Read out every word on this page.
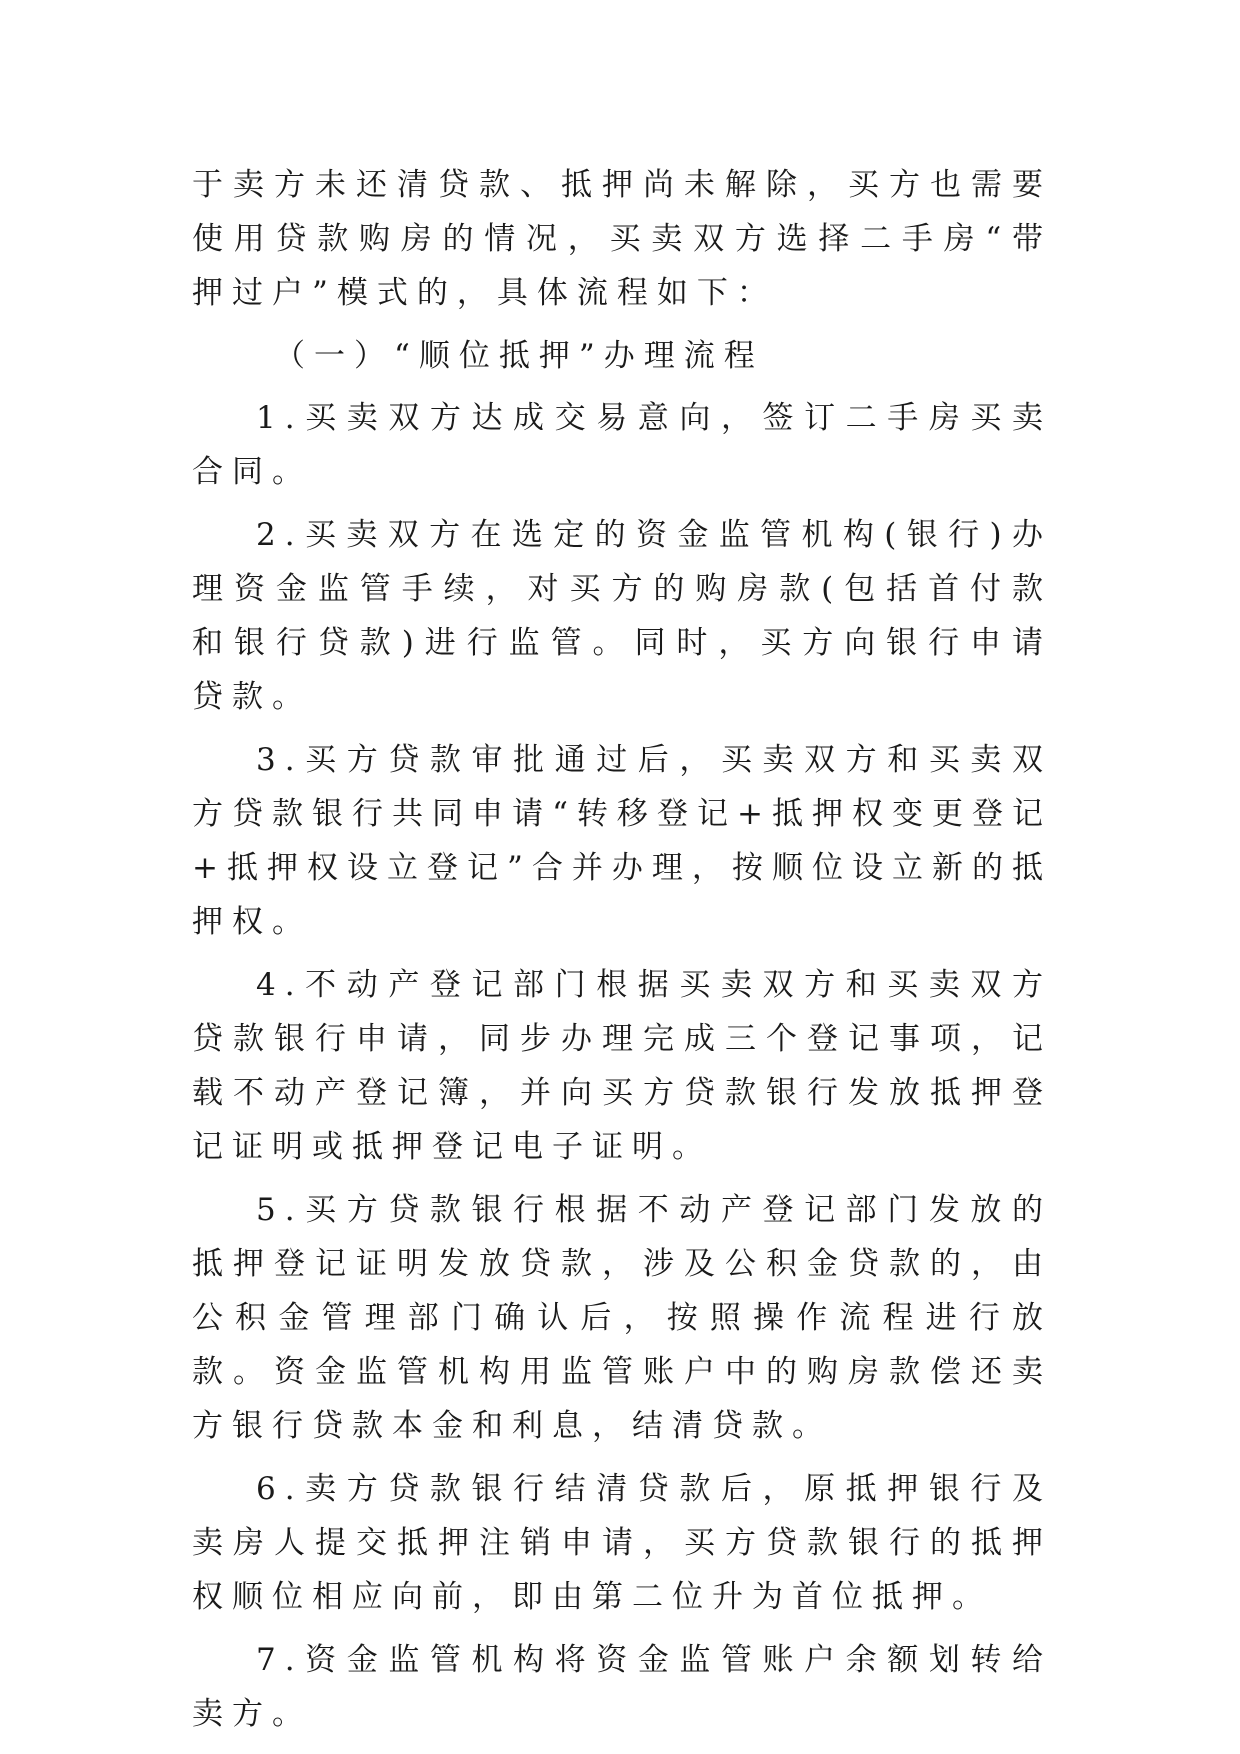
于卖方未还清贷款、抵押尚未解除，买方也需要使用贷款购房的情况，买卖双方选择二手房“带押过户”模式的，具体流程如下：

（一）“顺位抵押”办理流程

1.买卖双方达成交易意向，签订二手房买卖合同。

2.买卖双方在选定的资金监管机构(银行)办理资金监管手续，对买方的购房款(包括首付款和银行贷款)进行监管。同时，买方向银行申请贷款。

3.买方贷款审批通过后，买卖双方和买卖双方贷款银行共同申请“转移登记+抵押权变更登记+抵押权设立登记”合并办理，按顺位设立新的抵押权。

4.不动产登记部门根据买卖双方和买卖双方贷款银行申请，同步办理完成三个登记事项，记载不动产登记簿，并向买方贷款银行发放抵押登记证明或抵押登记电子证明。

5.买方贷款银行根据不动产登记部门发放的抵押登记证明发放贷款，涉及公积金贷款的，由公积金管理部门确认后，按照操作流程进行放款。资金监管机构用监管账户中的购房款偿还卖方银行贷款本金和利息，结清贷款。

6.卖方贷款银行结清贷款后，原抵押银行及卖房人提交抵押注销申请，买方贷款银行的抵押权顺位相应向前，即由第二位升为首位抵押。

7.资金监管机构将资金监管账户余额划转给卖方。
